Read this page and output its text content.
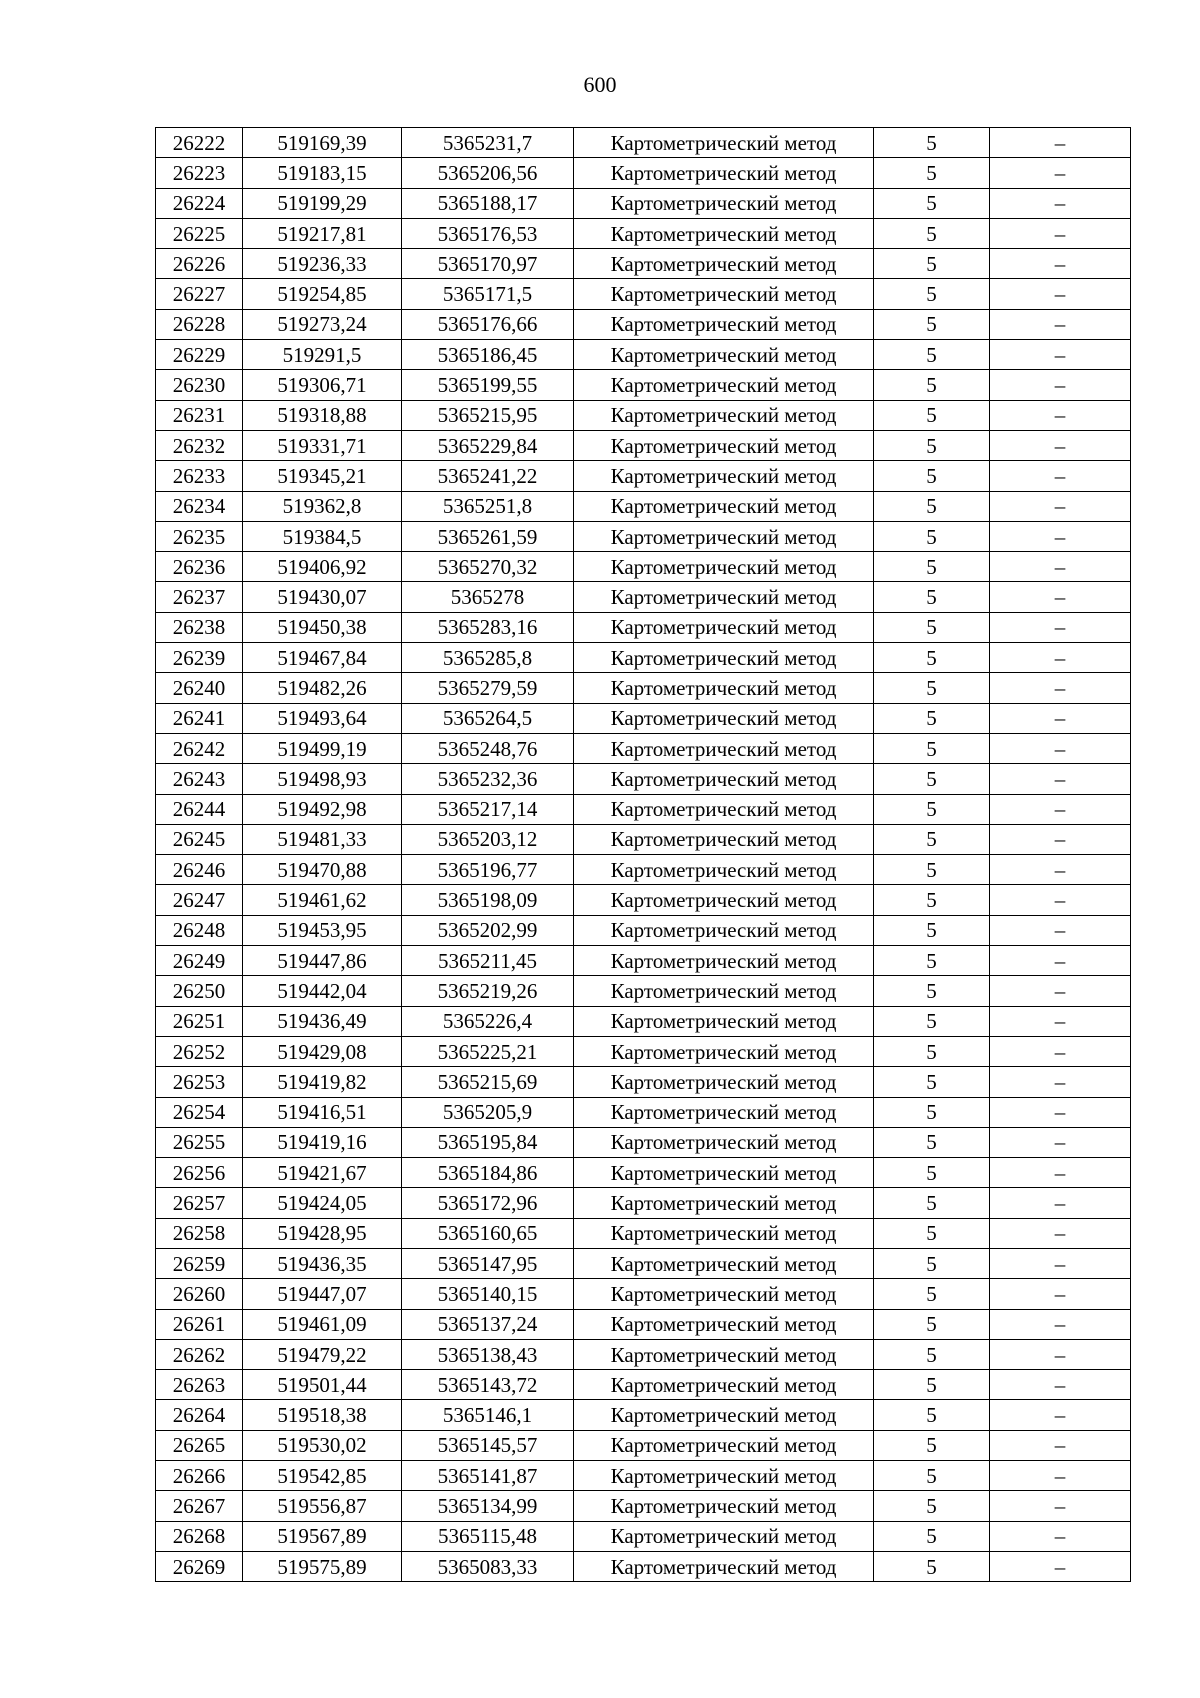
600
26222	519169,39	5365231,7	Картометрический метод	5	–
26223	519183,15	5365206,56	Картометрический метод	5	–
26224	519199,29	5365188,17	Картометрический метод	5	–
26225	519217,81	5365176,53	Картометрический метод	5	–
26226	519236,33	5365170,97	Картометрический метод	5	–
26227	519254,85	5365171,5	Картометрический метод	5	–
26228	519273,24	5365176,66	Картометрический метод	5	–
26229	519291,5	5365186,45	Картометрический метод	5	–
26230	519306,71	5365199,55	Картометрический метод	5	–
26231	519318,88	5365215,95	Картометрический метод	5	–
26232	519331,71	5365229,84	Картометрический метод	5	–
26233	519345,21	5365241,22	Картометрический метод	5	–
26234	519362,8	5365251,8	Картометрический метод	5	–
26235	519384,5	5365261,59	Картометрический метод	5	–
26236	519406,92	5365270,32	Картометрический метод	5	–
26237	519430,07	5365278	Картометрический метод	5	–
26238	519450,38	5365283,16	Картометрический метод	5	–
26239	519467,84	5365285,8	Картометрический метод	5	–
26240	519482,26	5365279,59	Картометрический метод	5	–
26241	519493,64	5365264,5	Картометрический метод	5	–
26242	519499,19	5365248,76	Картометрический метод	5	–
26243	519498,93	5365232,36	Картометрический метод	5	–
26244	519492,98	5365217,14	Картометрический метод	5	–
26245	519481,33	5365203,12	Картометрический метод	5	–
26246	519470,88	5365196,77	Картометрический метод	5	–
26247	519461,62	5365198,09	Картометрический метод	5	–
26248	519453,95	5365202,99	Картометрический метод	5	–
26249	519447,86	5365211,45	Картометрический метод	5	–
26250	519442,04	5365219,26	Картометрический метод	5	–
26251	519436,49	5365226,4	Картометрический метод	5	–
26252	519429,08	5365225,21	Картометрический метод	5	–
26253	519419,82	5365215,69	Картометрический метод	5	–
26254	519416,51	5365205,9	Картометрический метод	5	–
26255	519419,16	5365195,84	Картометрический метод	5	–
26256	519421,67	5365184,86	Картометрический метод	5	–
26257	519424,05	5365172,96	Картометрический метод	5	–
26258	519428,95	5365160,65	Картометрический метод	5	–
26259	519436,35	5365147,95	Картометрический метод	5	–
26260	519447,07	5365140,15	Картометрический метод	5	–
26261	519461,09	5365137,24	Картометрический метод	5	–
26262	519479,22	5365138,43	Картометрический метод	5	–
26263	519501,44	5365143,72	Картометрический метод	5	–
26264	519518,38	5365146,1	Картометрический метод	5	–
26265	519530,02	5365145,57	Картометрический метод	5	–
26266	519542,85	5365141,87	Картометрический метод	5	–
26267	519556,87	5365134,99	Картометрический метод	5	–
26268	519567,89	5365115,48	Картометрический метод	5	–
26269	519575,89	5365083,33	Картометрический метод	5	–
